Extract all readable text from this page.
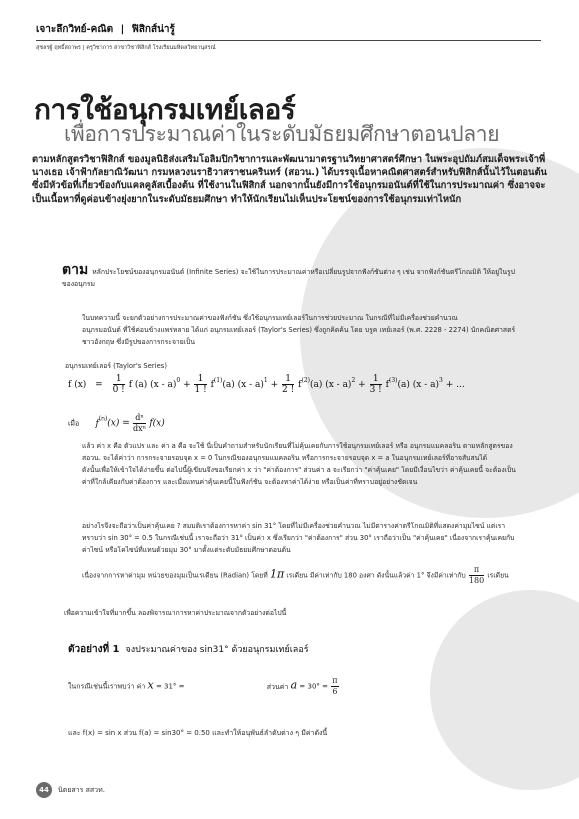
เจาะลึกวิทย์-คณิต | ฟิสิกส์น่ารู้
สุชลรฐ์ ฤทธิ์สถาพร | ครูวิชาการ สาขาวิชาฟิสิกส์ โรงเรียนมหิดลวิทยานุสรณ์
การใช้อนุกรมเทย์เลอร์
เพื่อการประมาณค่าในระดับมัธยมศึกษาตอนปลาย
ตามหลักสูตรวิชาฟิสิกส์ ของมูลนิธิส่งเสริมโอลิมปิกวิชาการและพัฒนามาตรฐานวิทยาศาสตร์ศึกษา ในพระอุปถัมภ์สมเด็จพระเจ้าพี่นางเธอ เจ้าฟ้ากัลยาณิวัฒนา กรมหลวงนราธิวาสราชนครินทร์ (สอวน.) ได้บรรจุเนื้อหาคณิตศาสตร์สำหรับฟิสิกส์นั้นไว้ในตอนต้น ซึ่งมีหัวข้อที่เกี่ยวข้องกับแคลคูลัสเบื้องต้น ที่ใช้งานในฟิสิกส์ นอกจากนั้นยังมีการใช้อนุกรมอนันต์ที่ใช้ในการประมาณค่า ซึ่งอาจจะเป็นเนื้อหาที่ดูค่อนข้างยุ่งยากในระดับมัธยมศึกษา ทำให้นักเรียนไม่เห็นประโยชน์ของการใช้อนุกรมเท่าไหนัก
ตาม หลักประโยชน์ของอนุกรมอนันต์ (Infinite Series) จะใช้ในการประมาณค่าหรือเปลี่ยนรูปจากฟังก์ชันต่าง ๆ เช่น จากฟังก์ชันตรีโกณมิติ ให้อยู่ในรูปของอนุกรม
ในบทความนี้ จะยกตัวอย่างการประมาณค่าของฟังก์ชัน ซึ่งใช้อนุกรมเทย์เลอร์ในการช่วยประมาณ ในกรณีที่ไม่มีเครื่องช่วยคำนวณ
อนุกรมอนันต์ ที่ใช้ค่อนข้างแพร่หลาย ได้แก่ อนุกรมเทย์เลอร์ (Taylor's Series) ซึ่งถูกคิดค้น โดย บรูค เทย์เลอร์ (พ.ศ. 2228 - 2274) นักคณิตศาสตร์ชาวอังกฤษ ซึ่งมีรูปของการกระจายเป็น
อนุกรมเทย์เลอร์ (Taylor's Series)
f $(x) = \frac{1}{0 !}$ f (a) $(x - a)^0 + \frac{1}{1 !} f^{(1)}(a)$ $(x - a)^1 + \frac{1}{2 !} f^{(2)}(a)$ $(x - a)^2 + \frac{1}{3 !} f^{(3)}(a)$ (x - a)$^3$ + ...
เมื่อ $f(n)(x) = \frac{\text{dⁿ}}{\text{dxⁿ}} f(x)$
แล้ว ค่า x คือ ตัวแปร และ ค่า a คือ จะใช้ นี่เป็นคำถามสำหรับนักเรียนที่ไม่คุ้นเคยกับการใช้อนุกรมเทย์เลอร์ หรือ อนุกรมแมคลอริน ตามหลักสูตรของ สอวน. จะได้ค่าว่า การกระจายรอบจุด x = 0 ในกรณีของอนุกรมแมคลอริน หรือการกระจายรอบจุด x = a ในอนุกรมเทย์เลอร์ที่อาจสับสนได้
ดังนั้นเพื่อให้เข้าใจได้ง่ายขึ้น ต่อไปนี้ผู้เขียนจึงขอเรียกค่า x ว่า "ค่าต้องการ" ส่วนค่า a จะเรียกว่า "ค่าคุ้นเคย" โดยมีเงื่อนไขว่า ค่าคุ้นเคยนี้ จะต้องเป็นค่าที่ใกล้เคียงกับค่าต้องการ และเมื่อแทนค่าคุ้นเคยนี้ในฟังก์ชัน จะต้องหาค่าได้ง่าย หรือเป็นค่าที่ทราบอยู่อย่างชัดเจน
อย่างไรจึงจะถือว่าเป็นค่าคุ้นเคย ? สมมติเราต้องการหาค่า sin 31° โดยที่ไม่มีเครื่องช่วยคำนวณ ไม่มีตารางค่าตรีโกณมิติที่แสดงค่ามุมไซน์ แต่เราทราบว่า sin 30° = 0.5 ในกรณีเช่นนี้ เราจะถือว่า 31° เป็นค่า x ซึ่งเรียกว่า "ค่าต้องการ" ส่วน 30° เราถือว่าเป็น "ค่าคุ้นเคย" เนื่องจากเราคุ้นเคยกับค่าไซน์ หรือโคไซน์ที่แทนด้วยมุม 30° มาตั้งแต่ระดับมัธยมศึกษาตอนต้น
เนื่องจากการหาค่ามุม หน่วยของมุมเป็นเรเดียน (Radian) โดยที่ 1π เรเดียน มีค่าเท่ากับ 180 องศา ดังนั้นแล้วค่า 1° จึงมีค่าเท่ากับ $\frac{\pi}{180}$ เรเดียน
เพื่อความเข้าใจที่มากขึ้น ลองพิจารณาการหาค่าประมาณจากตัวอย่างต่อไปนี้
ตัวอย่างที่ 1 จงประมาณค่าของ sin31° ด้วยอนุกรมเทย์เลอร์
ในกรณีเช่นนี้เราพบว่า ค่า x = 31° =	ส่วนค่า $a = 30^\circ = \frac{\pi}{6}$
และ f(x) = sin x ส่วน f(a) = sin30° = 0.50 และทำให้อนุพันธ์ลำดับต่าง ๆ มีค่าดังนี้
44 นิตยสาร สสวท.
